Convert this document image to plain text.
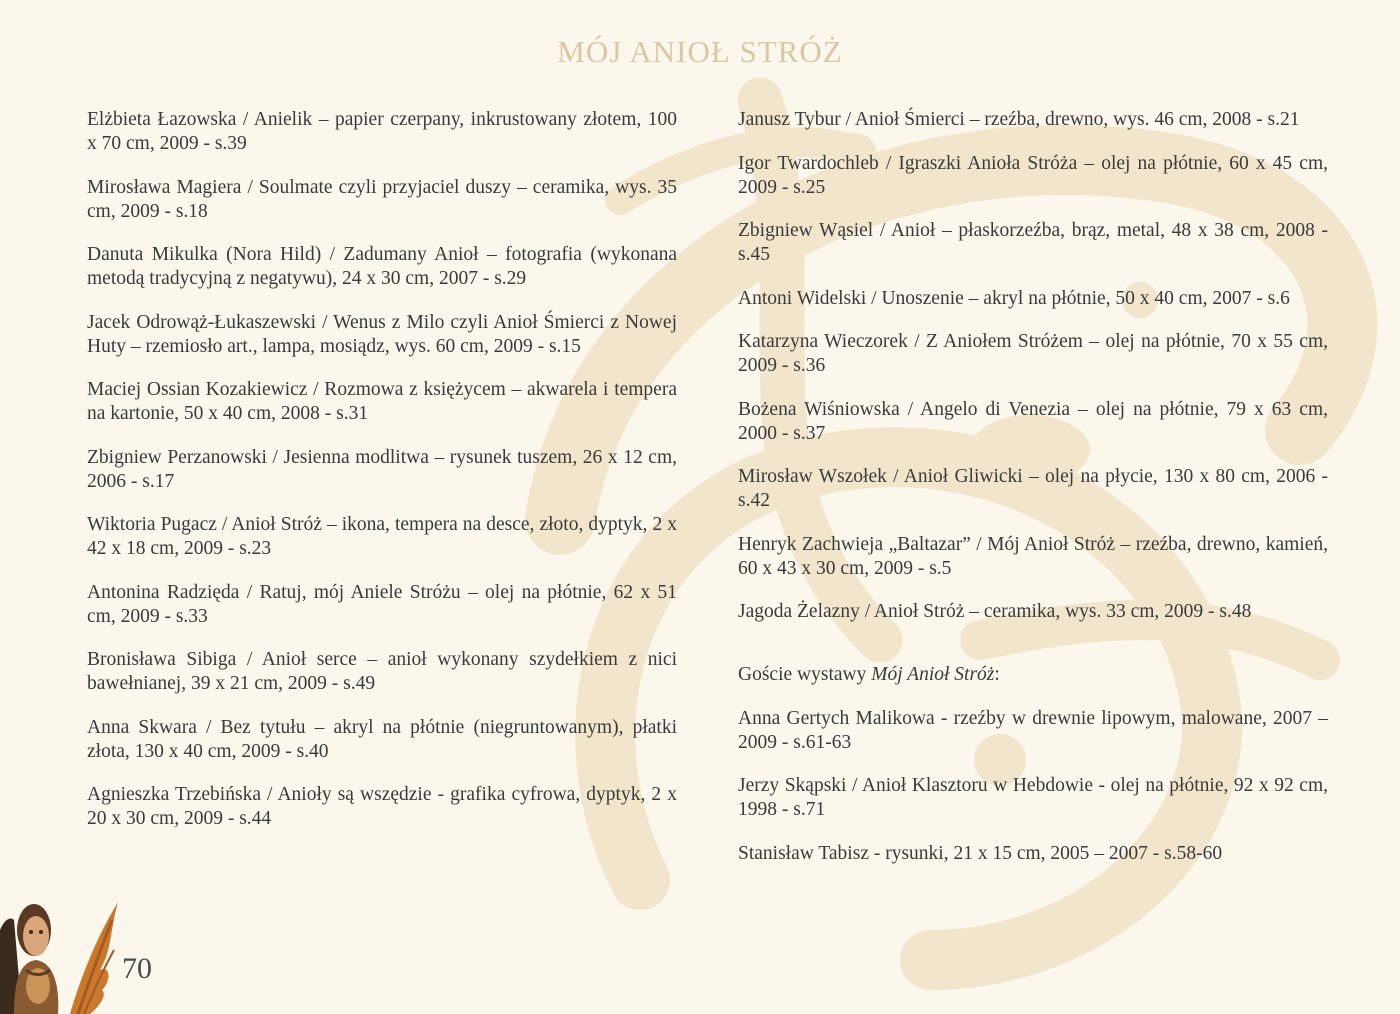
MÓJ ANIOŁ STRÓŻ

Elżbieta Łazowska / Anielik – papier czerpany, inkrustowany złotem, 100 x 70 cm, 2009 - s.39

Mirosława Magiera / Soulmate czyli przyjaciel duszy – ceramika, wys. 35 cm, 2009 - s.18

Danuta Mikulka (Nora Hild) / Zadumany Anioł – fotografia (wykonana metodą tradycyjną z negatywu), 24 x 30 cm, 2007 - s.29

Jacek Odrowąż-Łukaszewski / Wenus z Milo czyli Anioł Śmierci z Nowej Huty – rzemiosło art., lampa, mosiądz, wys. 60 cm, 2009 - s.15

Maciej Ossian Kozakiewicz / Rozmowa z księżycem – akwarela i tempera na kartonie, 50 x 40 cm, 2008 - s.31

Zbigniew Perzanowski / Jesienna modlitwa – rysunek tuszem, 26 x 12 cm, 2006 - s.17

Wiktoria Pugacz / Anioł Stróż – ikona, tempera na desce, złoto, dyptyk, 2 x 42 x 18 cm, 2009 - s.23

Antonina Radzięda / Ratuj, mój Aniele Stróżu – olej na płótnie, 62 x 51 cm, 2009 - s.33

Bronisława Sibiga / Anioł serce – anioł wykonany szydełkiem z nici bawełnianej, 39 x 21 cm, 2009 - s.49

Anna Skwara / Bez tytułu – akryl na płótnie (niegruntowanym), płatki złota, 130 x 40 cm, 2009 - s.40

Agnieszka Trzebińska / Anioły są wszędzie - grafika cyfrowa, dyptyk, 2 x 20 x 30 cm, 2009 - s.44

Janusz Tybur / Anioł Śmierci – rzeźba, drewno, wys. 46 cm, 2008 - s.21

Igor Twardochleb / Igraszki Anioła Stróża – olej na płótnie, 60 x 45 cm, 2009 - s.25

Zbigniew Wąsiel / Anioł – płaskorzeźba, brąz, metal, 48 x 38 cm, 2008 - s.45

Antoni Widelski / Unoszenie – akryl na płótnie, 50 x 40 cm, 2007 - s.6

Katarzyna Wieczorek / Z Aniołem Stróżem – olej na płótnie, 70 x 55 cm, 2009 - s.36

Bożena Wiśniowska / Angelo di Venezia – olej na płótnie, 79 x 63 cm, 2000 - s.37

Mirosław Wszołek / Anioł Gliwicki – olej na płycie, 130 x 80 cm, 2006 - s.42

Henryk Zachwieja „Baltazar” / Mój Anioł Stróż – rzeźba, drewno, kamień, 60 x 43 x 30 cm, 2009 - s.5

Jagoda Żelazny / Anioł Stróż – ceramika, wys. 33 cm, 2009 - s.48

Goście wystawy Mój Anioł Stróż:

Anna Gertych Malikowa - rzeźby w drewnie lipowym, malowane, 2007 – 2009 - s.61-63

Jerzy Skąpski / Anioł Klasztoru w Hebdowie - olej na płótnie, 92 x 92 cm, 1998 - s.71

Stanisław Tabisz - rysunki, 21 x 15 cm, 2005 – 2007 - s.58-60

70
